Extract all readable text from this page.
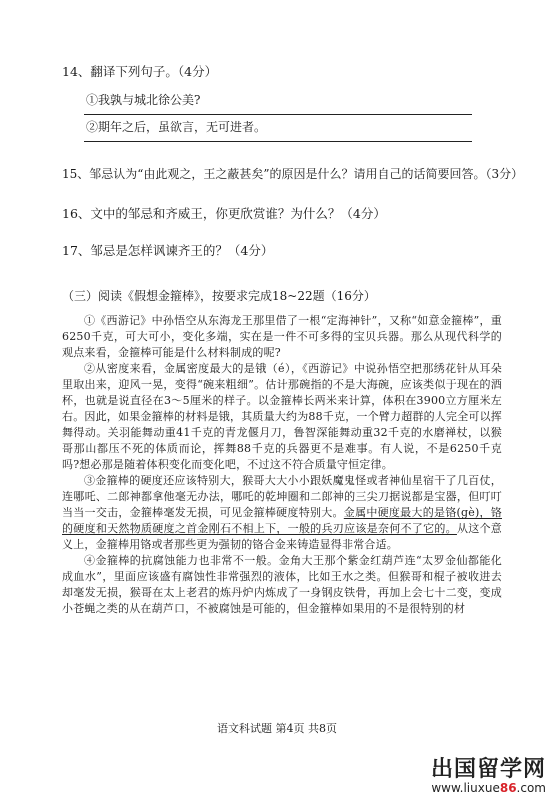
14、翻译下列句子。（4分）
①我孰与城北徐公美?
②期年之后，虽欲言，无可进者。
15、邹忌认为“由此观之，王之蔽甚矣”的原因是什么？请用自己的话简要回答。（3分）
16、文中的邹忌和齐威王，你更欣赏谁？为什么？（4分）
17、邹忌是怎样讽谏齐王的？（4分）
（三）阅读《假想金箍棒》，按要求完成18~22题（16分）

①《西游记》中孙悟空从东海龙王那里借了一根“定海神针”，又称“如意金箍棒”，重6250千克，可大可小，变化多端，实在是一件不可多得的宝贝兵器。那么从现代科学的观点来看，金箍棒可能是什么材料制成的呢?

②从密度来看，金属密度最大的是锇（é），《西游记》中说孙悟空把那绣花针从耳朵里取出来，迎风一晃，变得“碗来粗细”。估计那碗指的不是大海碗，应该类似于现在的酒杯，也就是说直径在3～5厘米的样子。以金箍棒长两米来计算，体积在3900立方厘米左右。因此，如果金箍棒的材料是锇，其质量大约为88千克，一个臂力超群的人完全可以挥舞得动。关羽能舞动重41千克的青龙偃月刀，鲁智深能舞动重32千克的水磨禅杖，以猴哥那山都压不死的体质而论，挥舞88千克的兵器更不是难事。有人说，不是6250千克吗?想必那是随着体积变化而变化吧，不过这不符合质量守恒定律。

③金箍棒的硬度还应该特别大，猴哥大大小小跟妖魔鬼怪或者神仙星宿干了几百仗，连哪吒、二郎神都拿他毫无办法，哪吒的乾坤圈和二郎神的三尖刀据说都是宝器，但叮叮当当一交击，金箍棒毫发无损，可见金箍棒硬度特别大。金属中硬度最大的是铬(gè)，铬的硬度和天然物质硬度之首金刚石不相上下，一般的兵刃应该是奈何不了它的。从这个意义上，金箍棒用铬或者那些更为强韧的铬合金来铸造显得非常合适。

④金箍棒的抗腐蚀能力也非常不一般。金角大王那个紫金红葫芦连“太罗金仙都能化成血水”，里面应该盛有腐蚀性非常强烈的液体，比如王水之类。但猴哥和棍子被收进去却毫发无损，猴哥在太上老君的炼丹炉内炼成了一身钢皮铁骨，再加上会七十二变，变成小苍蝇之类的从在葫芦口，不被腐蚀是可能的，但金箍棒如果用的不是很特别的材

语文科试题 第4页 共8页
出国留学网
www.liuxue86.com
